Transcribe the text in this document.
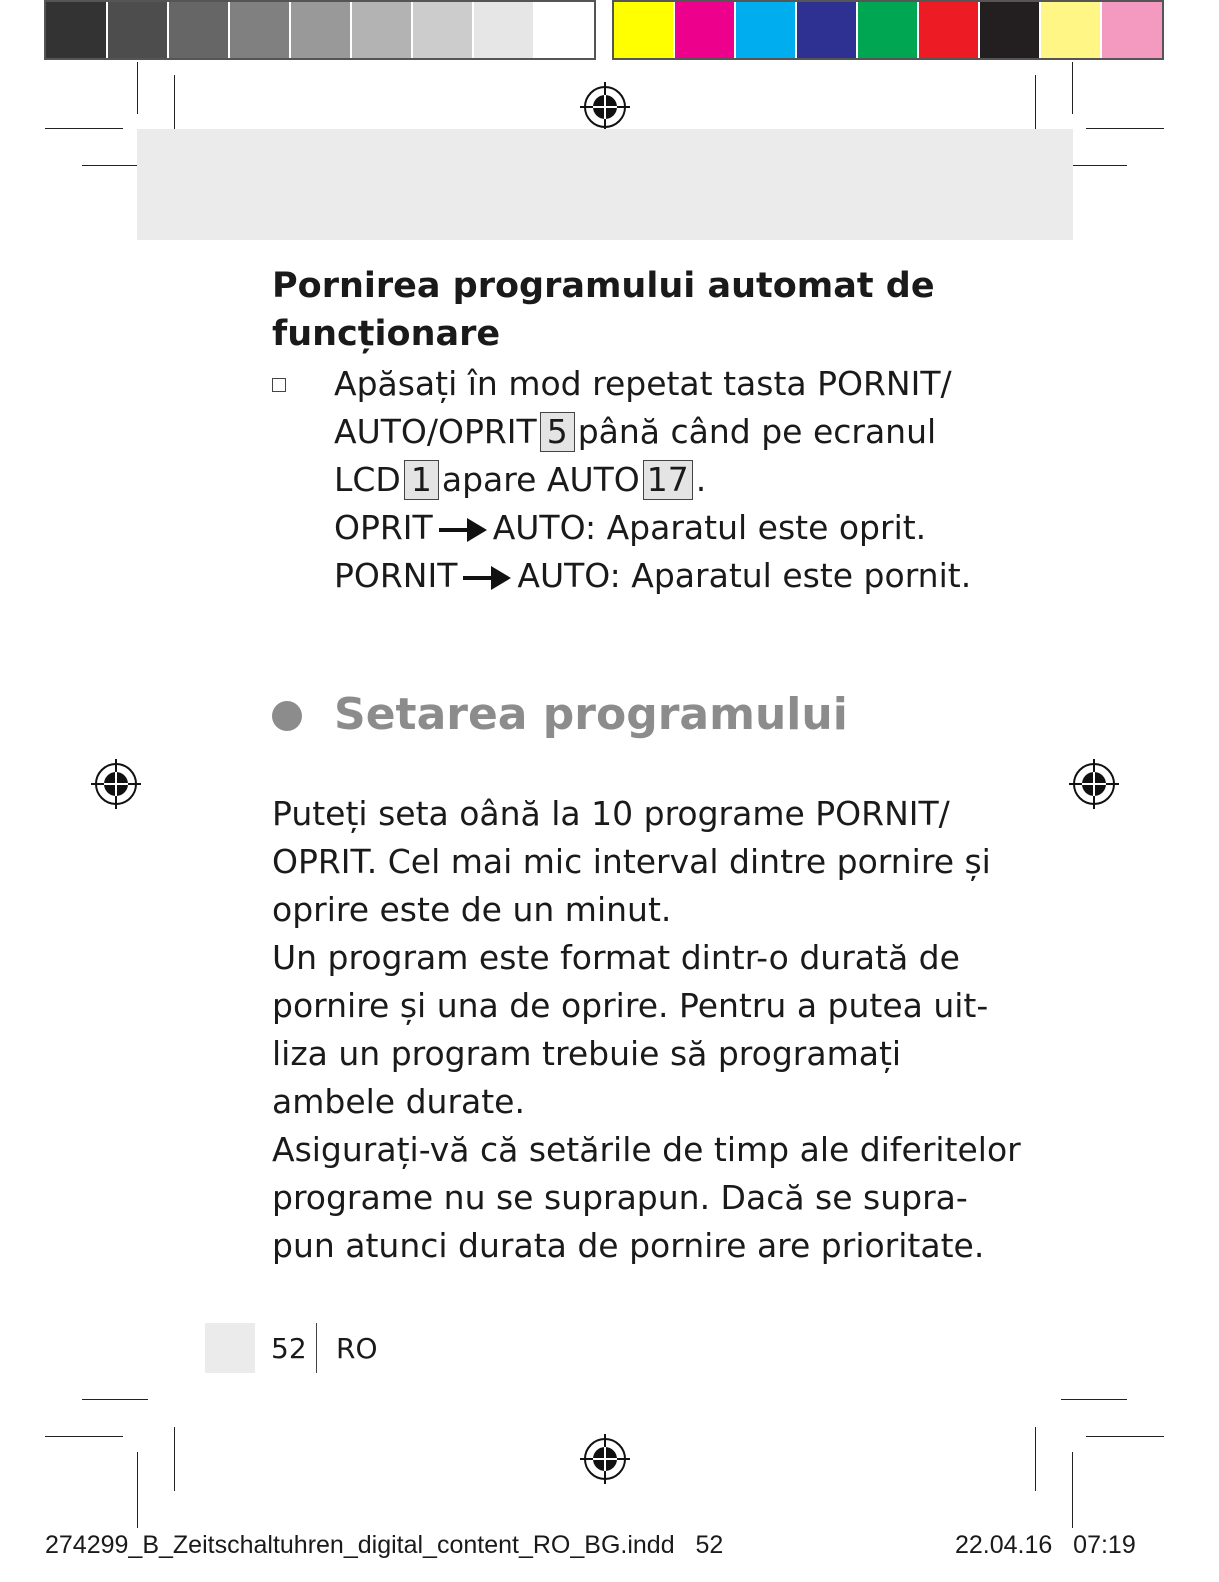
Pornirea programului automat de
funcționare
Apăsați în mod repetat tasta PORNIT/
AUTO/OPRIT 5 până când pe ecranul
LCD 1 apare AUTO 17 .
OPRIT AUTO: Aparatul este oprit.
PORNIT AUTO: Aparatul este pornit.
Setarea programului
Puteți seta oână la 10 programe PORNIT/
OPRIT. Cel mai mic interval dintre pornire și
oprire este de un minut.
Un program este format dintr-o durată de
pornire și una de oprire. Pentru a putea uit-
liza un program trebuie să programați
ambele durate.
Asigurați-vă că setările de timp ale diferitelor
programe nu se suprapun. Dacă se supra-
pun atunci durata de pornire are prioritate.
52 RO
274299_B_Zeitschaltuhren_digital_content_RO_BG.indd 52	22.04.16 07:19
